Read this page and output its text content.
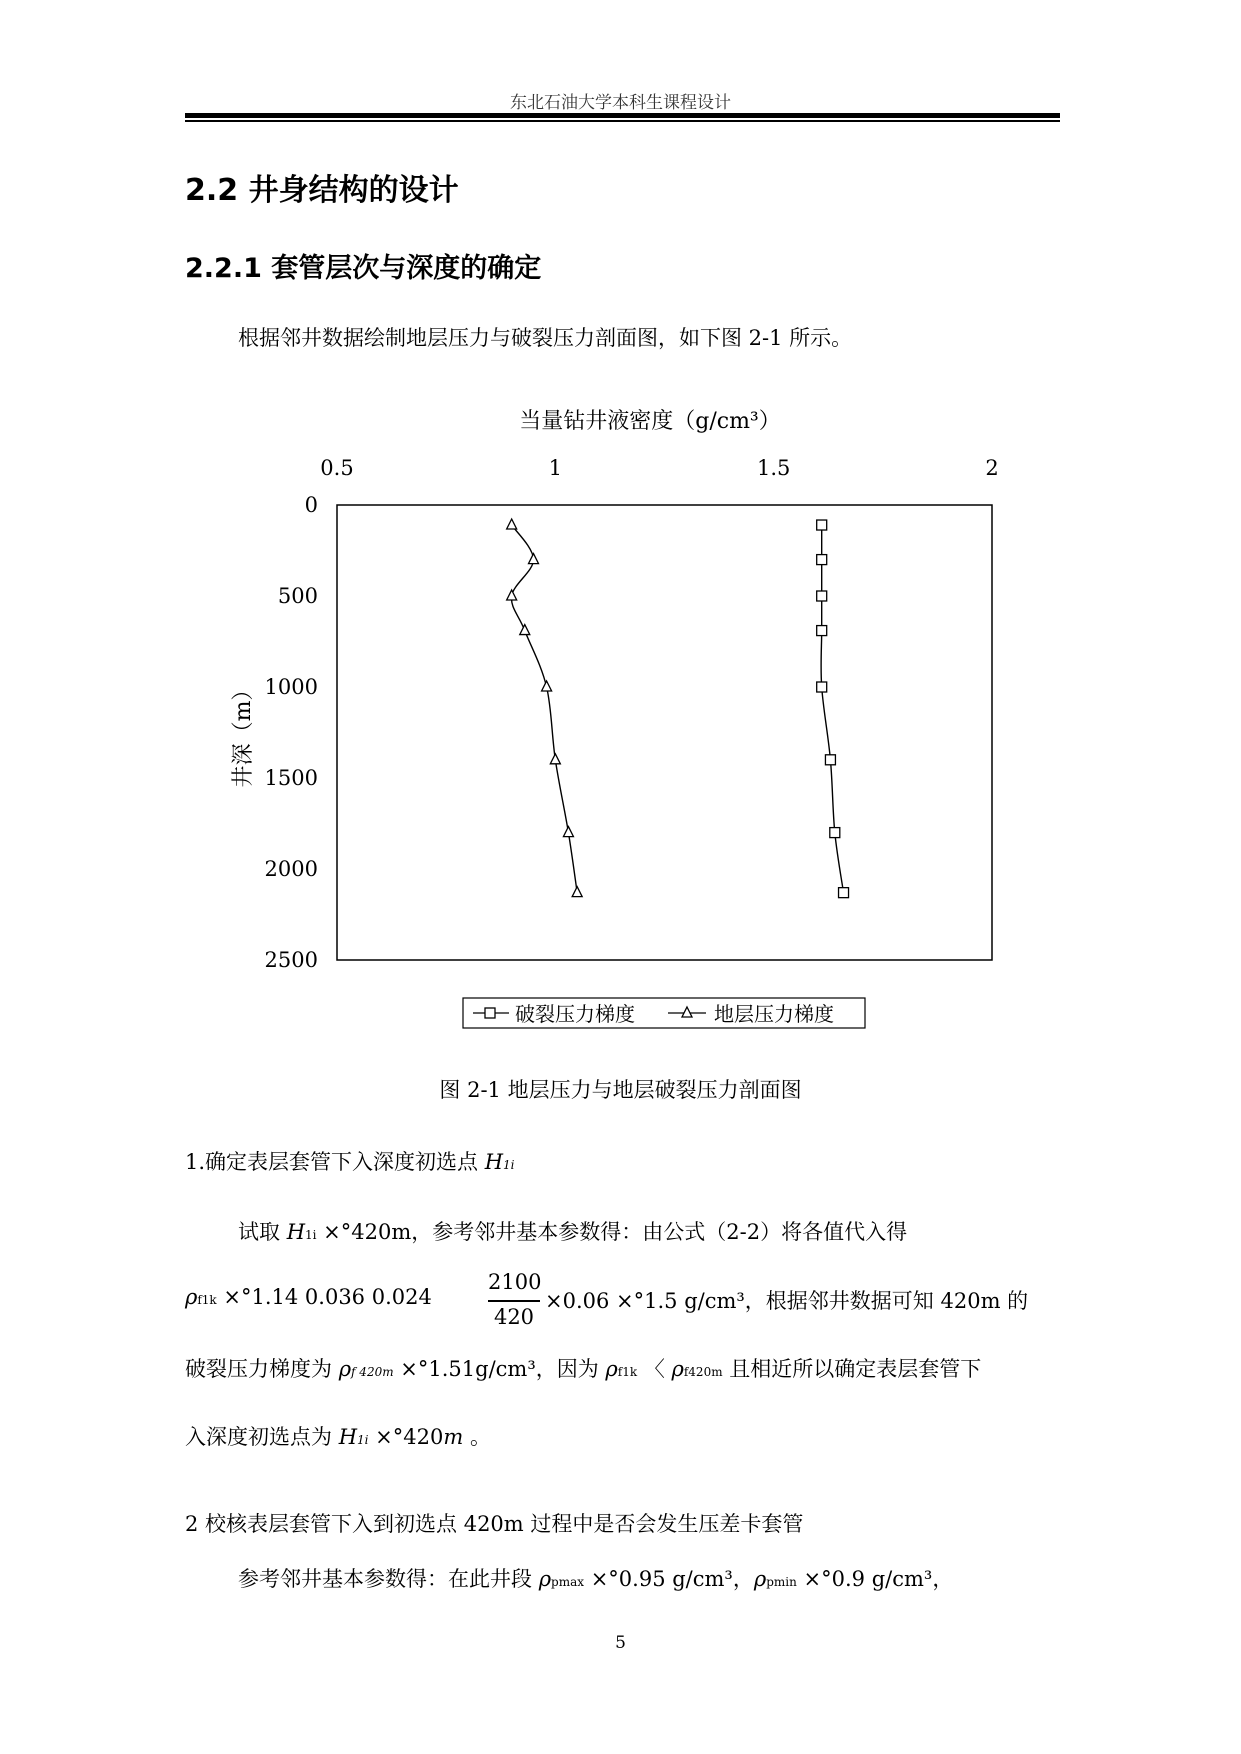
东北石油大学本科生课程设计
2.2 井身结构的设计
2.2.1 套管层次与深度的确定
根据邻井数据绘制地层压力与破裂压力剖面图，如下图 2-1 所示。
当量钻井液密度（g/cm³）
0.5	1	1.5	2
0
500
1000
1500
2000
2500
井深（m）
破裂压力梯度	地层压力梯度
图 2-1 地层压力与地层破裂压力剖面图
1.确定表层套管下入深度初选点 H1i
试取 H1i ×°420m，参考邻井基本参数得：由公式（2-2）将各值代入得
ρf1k ×°1.14 0.036 0.024
2100
420
×0.06 ×°1.5 g/cm³，根据邻井数据可知 420m 的
破裂压力梯度为 ρf 420m ×°1.51g/cm³，因为 ρf1k 〈 ρf420m 且相近所以确定表层套管下
入深度初选点为 H1i ×°420m 。
2 校核表层套管下入到初选点 420m 过程中是否会发生压差卡套管
参考邻井基本参数得：在此井段 ρpmax ×°0.95 g/cm³，ρpmin ×°0.9 g/cm³，
5
